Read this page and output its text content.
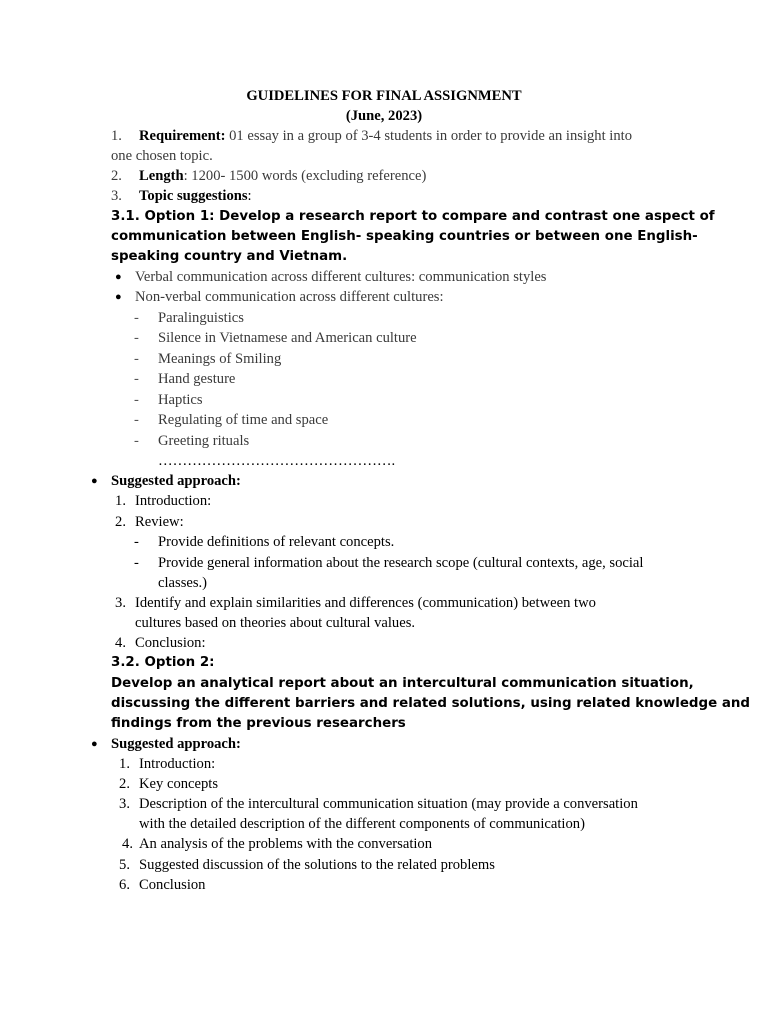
GUIDELINES FOR FINAL ASSIGNMENT
(June, 2023)
1. Requirement: 01 essay in a group of 3-4 students in order to provide an insight into
one chosen topic.
2. Length: 1200- 1500 words (excluding reference)
3. Topic suggestions:
3.1. Option 1: Develop a research report to compare and contrast one aspect of
communication between English- speaking countries or between one English-
speaking country and Vietnam.
● Verbal communication across different cultures: communication styles
● Non-verbal communication across different cultures:
- Paralinguistics
- Silence in Vietnamese and American culture
- Meanings of Smiling
- Hand gesture
- Haptics
- Regulating of time and space
- Greeting rituals
………………………………………….
● Suggested approach:
1. Introduction:
2. Review:
- Provide definitions of relevant concepts.
- Provide general information about the research scope (cultural contexts, age, social
classes.)
3. Identify and explain similarities and differences (communication) between two
cultures based on theories about cultural values.
4. Conclusion:
3.2. Option 2:
Develop an analytical report about an intercultural communication situation,
discussing the different barriers and related solutions, using related knowledge and
findings from the previous researchers
● Suggested approach:
1. Introduction:
2. Key concepts
3. Description of the intercultural communication situation (may provide a conversation
with the detailed description of the different components of communication)
4. An analysis of the problems with the conversation
5. Suggested discussion of the solutions to the related problems
6. Conclusion
